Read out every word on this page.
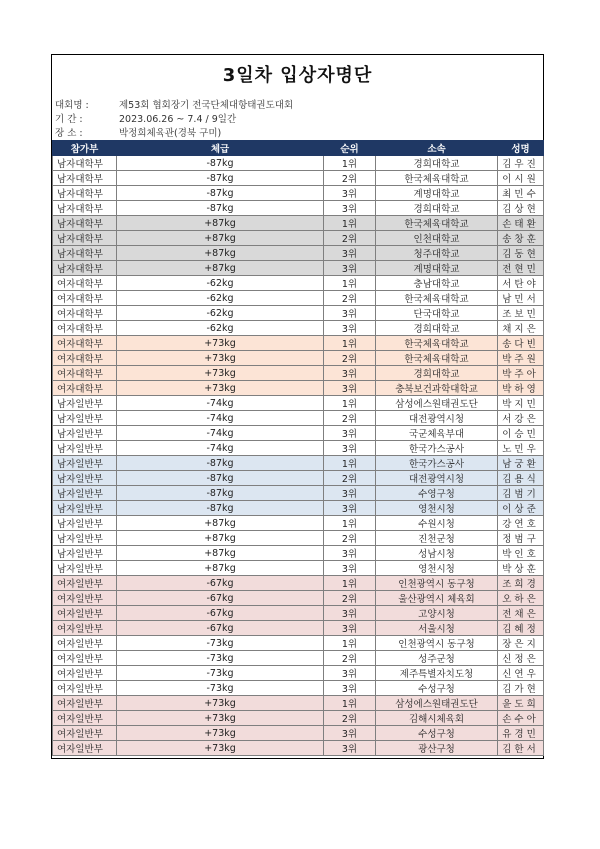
3일차 입상자명단
대회명 :	제53회 협회장기 전국단체대항태권도대회
기 간 :	2023.06.26 ~ 7.4 / 9일간
장 소 :	박정희체육관(경북 구미)
참가부	체급	순위	소속	성명
남자대학부	-87kg	1위	경희대학교	김우진
남자대학부	-87kg	2위	한국체육대학교	이시원
남자대학부	-87kg	3위	계명대학교	최민수
남자대학부	-87kg	3위	경희대학교	김상현
남자대학부	+87kg	1위	한국체육대학교	손태환
남자대학부	+87kg	2위	인천대학교	송창훈
남자대학부	+87kg	3위	청주대학교	김동현
남자대학부	+87kg	3위	계명대학교	전현민
여자대학부	-62kg	1위	충남대학교	서탄야
여자대학부	-62kg	2위	한국체육대학교	남민서
여자대학부	-62kg	3위	단국대학교	조보민
여자대학부	-62kg	3위	경희대학교	채지은
여자대학부	+73kg	1위	한국체육대학교	송다빈
여자대학부	+73kg	2위	한국체육대학교	박주원
여자대학부	+73kg	3위	경희대학교	박주아
여자대학부	+73kg	3위	충북보건과학대학교	박하영
남자일반부	-74kg	1위	삼성에스원태권도단	박지민
남자일반부	-74kg	2위	대전광역시청	서강은
남자일반부	-74kg	3위	국군체육부대	이승민
남자일반부	-74kg	3위	한국가스공사	노민우
남자일반부	-87kg	1위	한국가스공사	남궁환
남자일반부	-87kg	2위	대전광역시청	김용식
남자일반부	-87kg	3위	수영구청	김범기
남자일반부	-87kg	3위	영천시청	이상준
남자일반부	+87kg	1위	수원시청	강연호
남자일반부	+87kg	2위	진천군청	정범구
남자일반부	+87kg	3위	성남시청	박인호
남자일반부	+87kg	3위	영천시청	박상훈
여자일반부	-67kg	1위	인천광역시 동구청	조희경
여자일반부	-67kg	2위	울산광역시 체육회	오하은
여자일반부	-67kg	3위	고양시청	전채은
여자일반부	-67kg	3위	서울시청	김혜정
여자일반부	-73kg	1위	인천광역시 동구청	장은지
여자일반부	-73kg	2위	성주군청	신정은
여자일반부	-73kg	3위	제주특별자치도청	신연우
여자일반부	-73kg	3위	수성구청	김가현
여자일반부	+73kg	1위	삼성에스원태권도단	윤도희
여자일반부	+73kg	2위	김해시체육회	손수아
여자일반부	+73kg	3위	수성구청	유경민
여자일반부	+73kg	3위	광산구청	김한서
